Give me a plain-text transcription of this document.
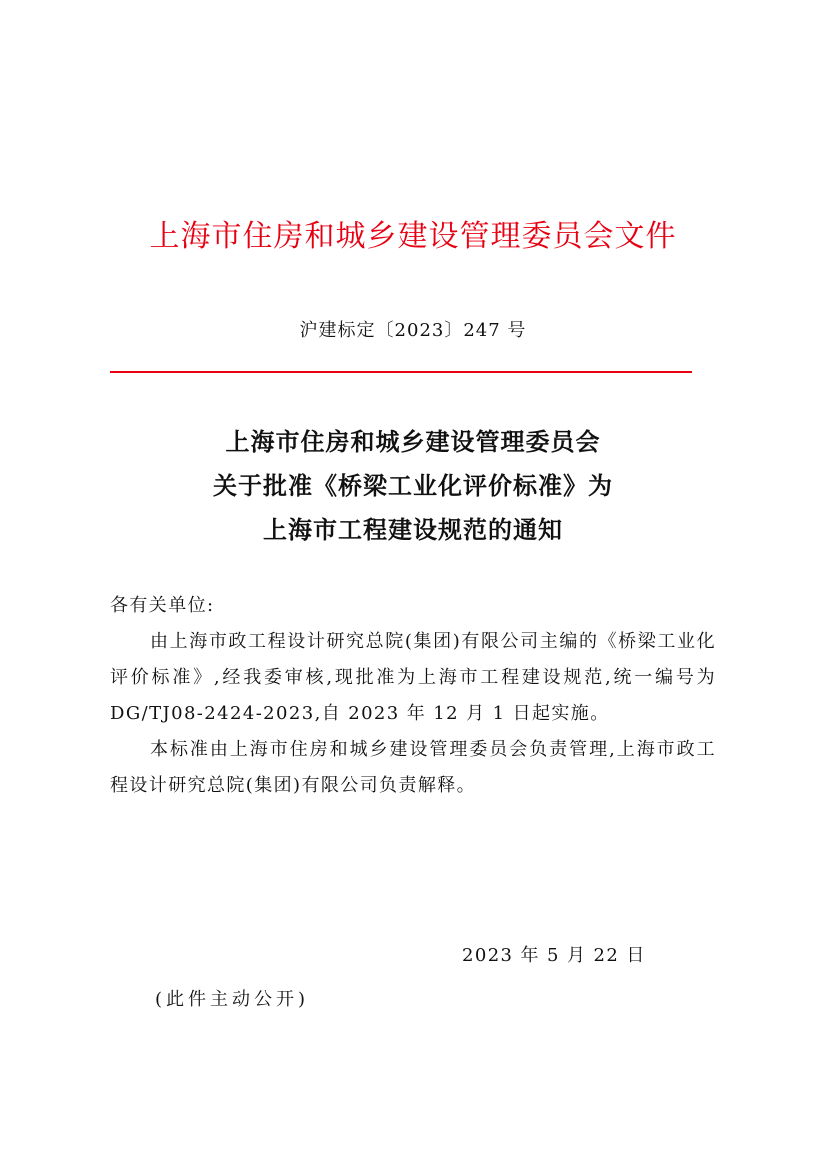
上海市住房和城乡建设管理委员会文件
沪建标定〔2023〕247 号
上海市住房和城乡建设管理委员会
关于批准《桥梁工业化评价标准》为
上海市工程建设规范的通知

各有关单位:

由上海市政工程设计研究总院(集团)有限公司主编的《桥梁工业化评价标准》,经我委审核,现批准为上海市工程建设规范,统一编号为 DG/TJ08-2424-2023,自 2023 年 12 月 1 日起实施。

本标准由上海市住房和城乡建设管理委员会负责管理,上海市政工程设计研究总院(集团)有限公司负责解释。

2023 年 5 月 22 日
(此件主动公开)
